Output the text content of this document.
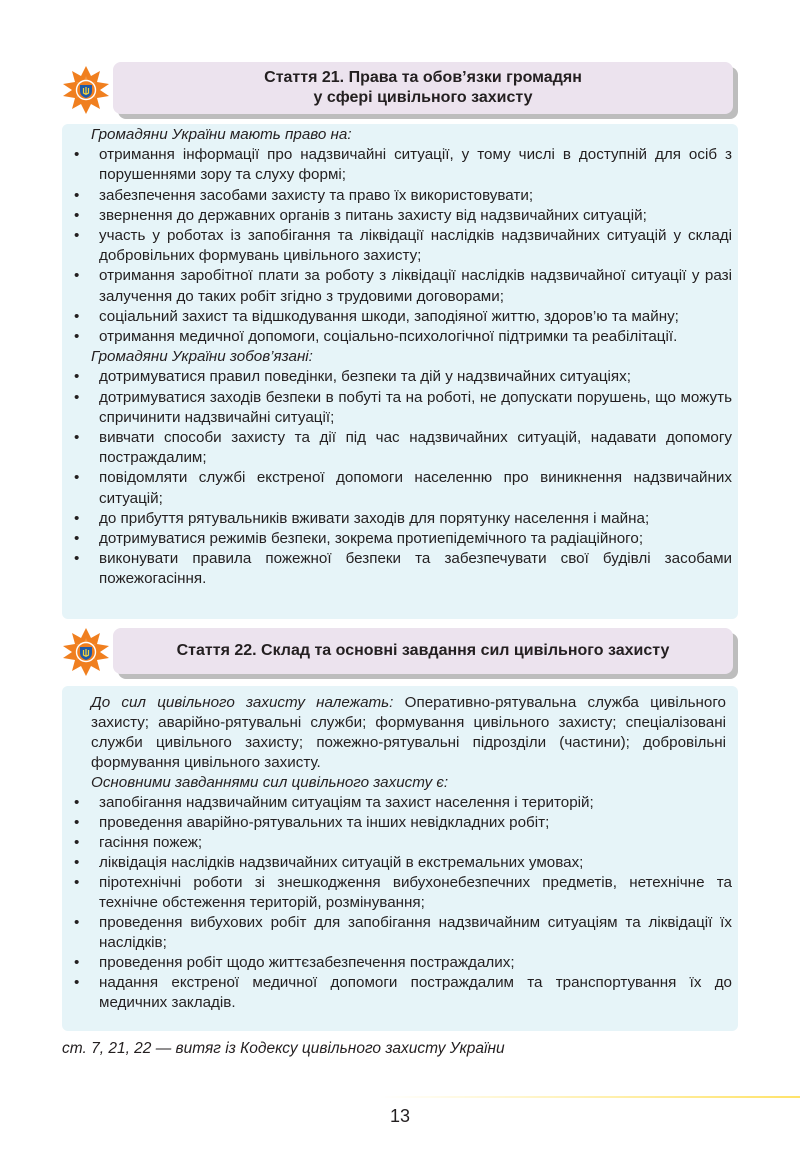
Стаття 21. Права та обов’язки громадян
у сфері цивільного захисту
Громадяни України мають право на:
• отримання інформації про надзвичайні ситуації, у тому числі в доступній для осіб з порушеннями зору та слуху формі;
• забезпечення засобами захисту та право їх використовувати;
• звернення до державних органів з питань захисту від надзвичайних ситуацій;
• участь у роботах із запобігання та ліквідації наслідків надзвичайних ситуацій у складі добровільних формувань цивільного захисту;
• отримання заробітної плати за роботу з ліквідації наслідків надзвичайної ситуації у разі залучення до таких робіт згідно з трудовими договорами;
• соціальний захист та відшкодування шкоди, заподіяної життю, здоров’ю та майну;
• отримання медичної допомоги, соціально-психологічної підтримки та реабілітації.
Громадяни України зобов’язані:
• дотримуватися правил поведінки, безпеки та дій у надзвичайних ситуаціях;
• дотримуватися заходів безпеки в побуті та на роботі, не допускати порушень, що можуть спричинити надзвичайні ситуації;
• вивчати способи захисту та дії під час надзвичайних ситуацій, надавати допомогу постраждалим;
• повідомляти службі екстреної допомоги населенню про виникнення надзвичайних ситуацій;
• до прибуття рятувальників вживати заходів для порятунку населення і майна;
• дотримуватися режимів безпеки, зокрема протиепідемічного та радіаційного;
• виконувати правила пожежної безпеки та забезпечувати свої будівлі засобами пожежогасіння.
Стаття 22. Склад та основні завдання сил цивільного захисту
До сил цивільного захисту належать: Оперативно-рятувальна служба цивільного захисту; аварійно-рятувальні служби; формування цивільного захисту; спеціалізовані служби цивільного захисту; пожежно-рятувальні підрозділи (частини); добровільні формування цивільного захисту.
Основними завданнями сил цивільного захисту є:
• запобігання надзвичайним ситуаціям та захист населення і територій;
• проведення аварійно-рятувальних та інших невідкладних робіт;
• гасіння пожеж;
• ліквідація наслідків надзвичайних ситуацій в екстремальних умовах;
• піротехнічні роботи зі знешкодження вибухонебезпечних предметів, нетехнічне та технічне обстеження територій, розмінування;
• проведення вибухових робіт для запобігання надзвичайним ситуаціям та ліквідації їх наслідків;
• проведення робіт щодо життєзабезпечення постраждалих;
• надання екстреної медичної допомоги постраждалим та транспортування їх до медичних закладів.
ст. 7, 21, 22 — витяг із Кодексу цивільного захисту України
13
